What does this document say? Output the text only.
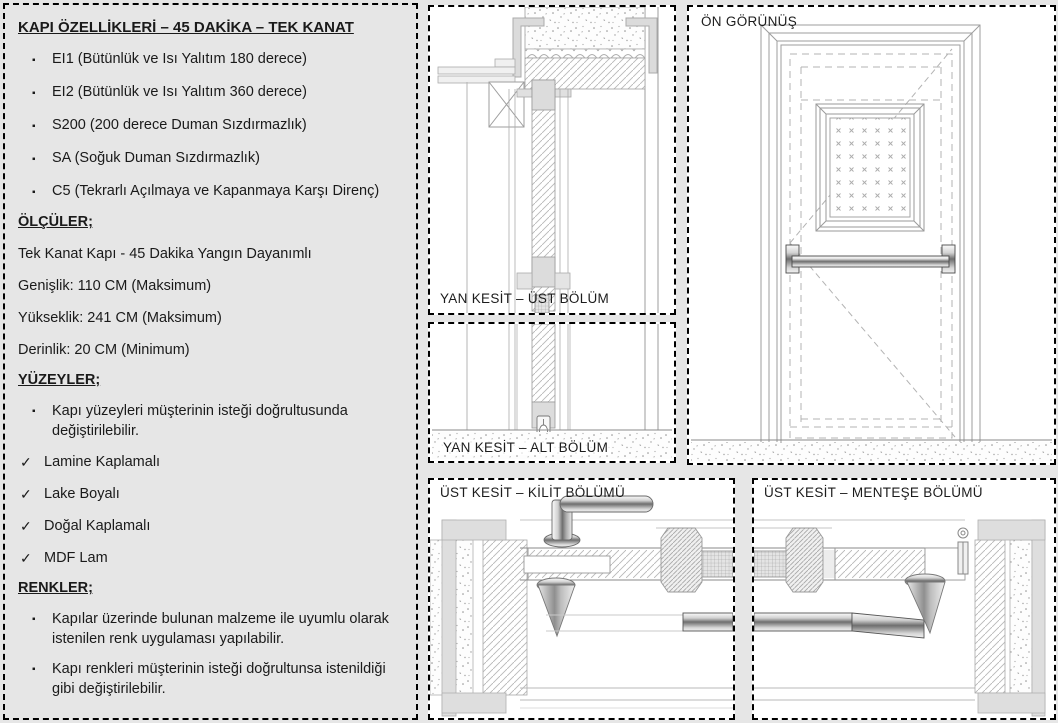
KAPI ÖZELLİKLERİ – 45 DAKİKA – TEK KANAT
▪	EI1 (Bütünlük ve Isı Yalıtım 180 derece)
▪	EI2 (Bütünlük ve Isı Yalıtım 360 derece)
▪	S200 (200 derece Duman Sızdırmazlık)
▪	SA (Soğuk Duman Sızdırmazlık)
▪	C5 (Tekrarlı Açılmaya ve Kapanmaya Karşı Direnç)
ÖLÇÜLER;
Tek Kanat Kapı - 45 Dakika Yangın Dayanımlı
Genişlik: 110 CM (Maksimum)
Yükseklik: 241 CM (Maksimum)
Derinlik: 20 CM (Minimum)
YÜZEYLER;
▪	Kapı yüzeyleri müşterinin isteği doğrultusunda değiştirilebilir.
✓ Lamine Kaplamalı
✓ Lake Boyalı
✓ Doğal Kaplamalı
✓ MDF Lam
RENKLER;
▪	Kapılar üzerinde bulunan malzeme ile uyumlu olarak istenilen renk uygulaması yapılabilir.
▪	Kapı renkleri müşterinin isteği doğrultunsa istenildiği gibi değiştirilebilir.
YAN KESİT – ÜST BÖLÜM
YAN KESİT – ALT BÖLÜM
ÖN GÖRÜNÜŞ
ÜST KESİT – KİLİT BÖLÜMÜ	ÜST KESİT – MENTEŞE BÖLÜMÜ
